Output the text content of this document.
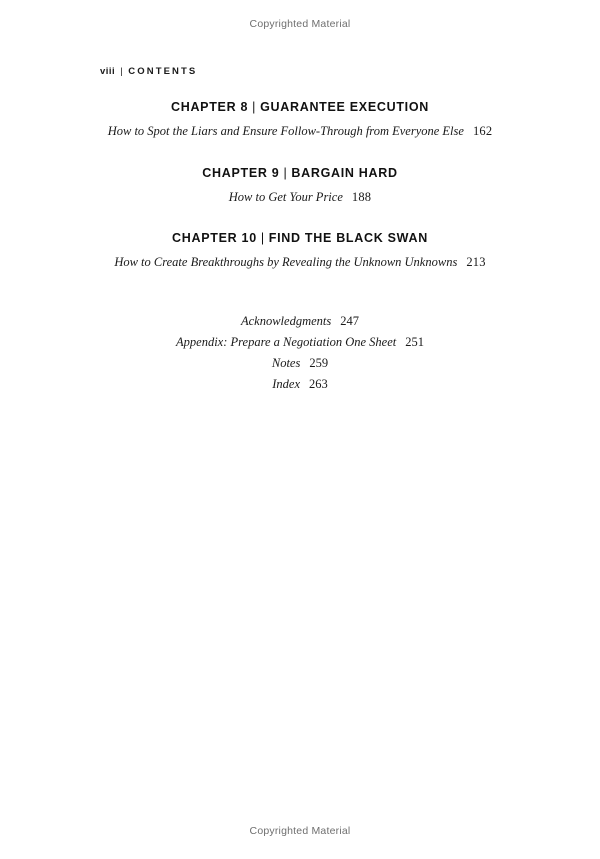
Copyrighted Material
viii | CONTENTS
CHAPTER 8 | GUARANTEE EXECUTION
How to Spot the Liars and Ensure Follow-Through from Everyone Else 162
CHAPTER 9 | BARGAIN HARD
How to Get Your Price 188
CHAPTER 10 | FIND THE BLACK SWAN
How to Create Breakthroughs by Revealing the Unknown Unknowns 213
Acknowledgments 247
Appendix: Prepare a Negotiation One Sheet 251
Notes 259
Index 263
Copyrighted Material
